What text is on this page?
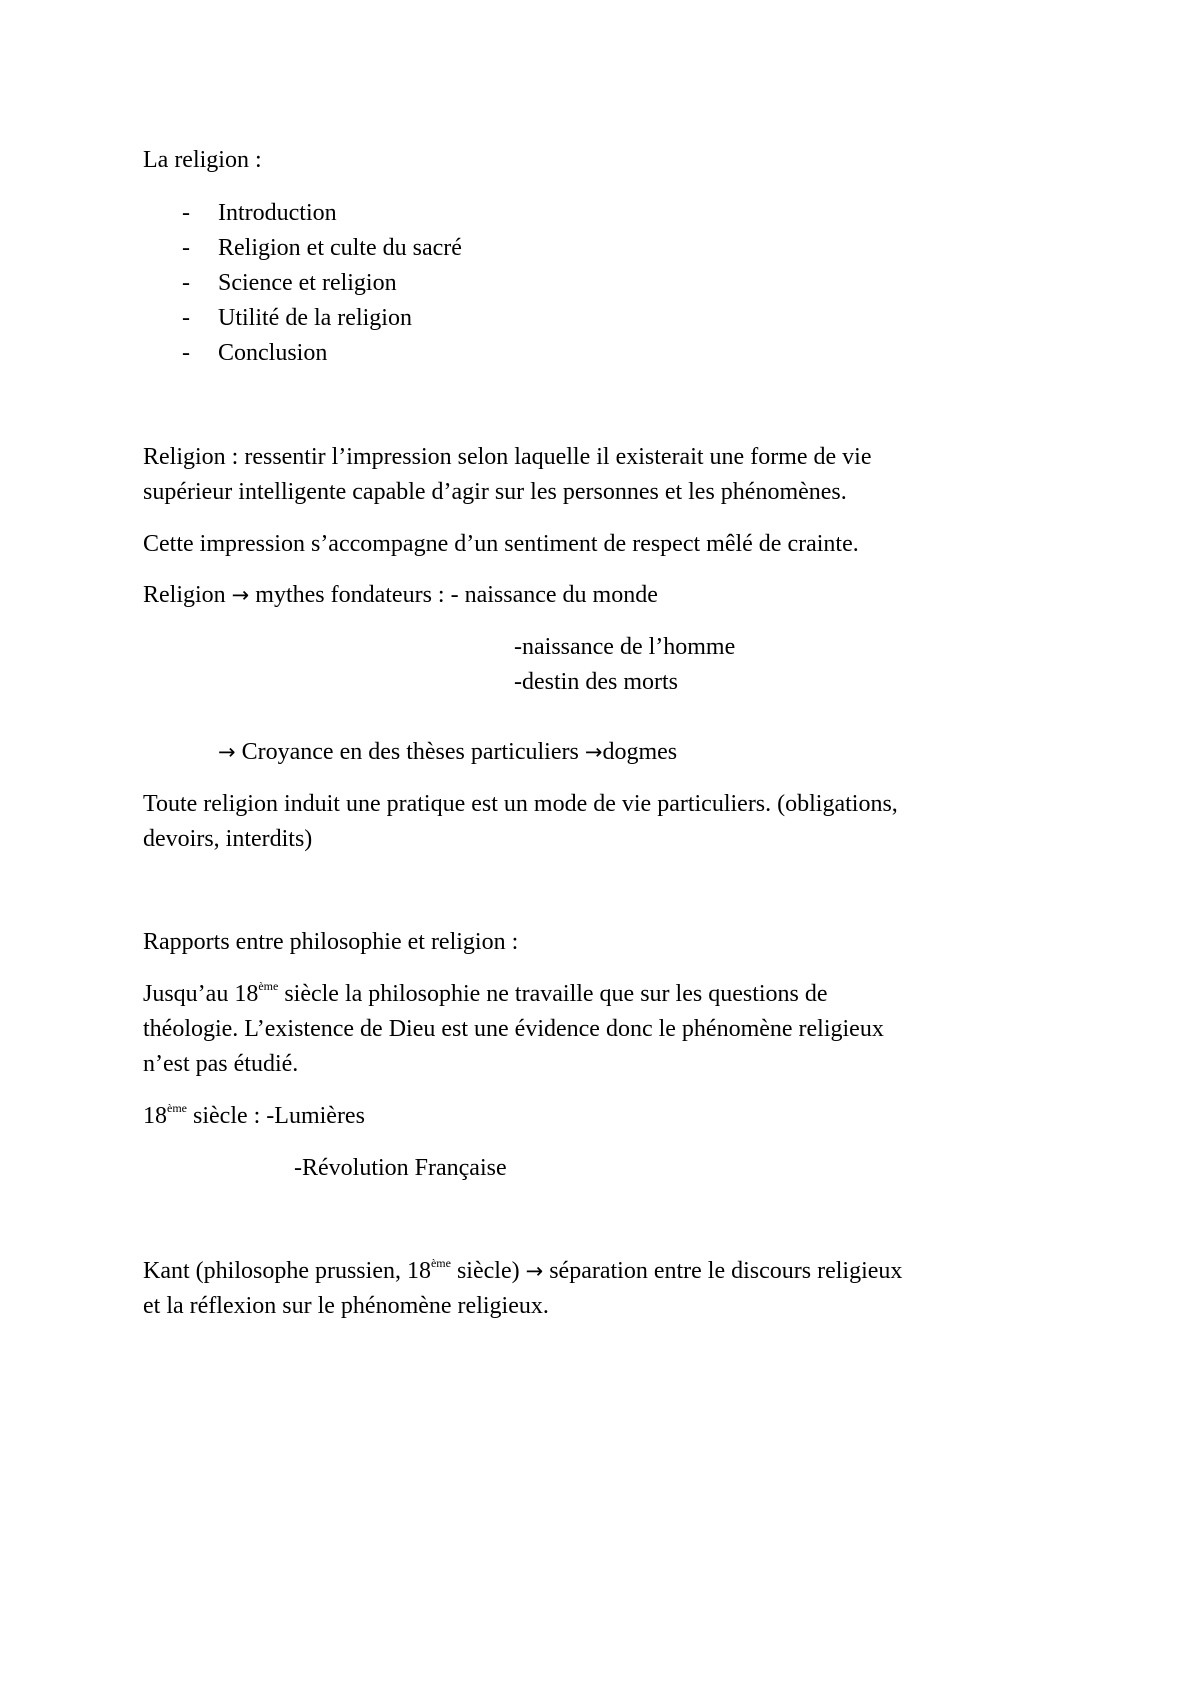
La religion :
- Introduction
- Religion et culte du sacré
- Science et religion
- Utilité de la religion
- Conclusion
Religion : ressentir l’impression selon laquelle il existerait une forme de vie
supérieur intelligente capable d’agir sur les personnes et les phénomènes.
Cette impression s’accompagne d’un sentiment de respect mêlé de crainte.
Religion → mythes fondateurs : - naissance du monde
-naissance de l’homme
-destin des morts
→ Croyance en des thèses particuliers →dogmes
Toute religion induit une pratique est un mode de vie particuliers. (obligations,
devoirs, interdits)
Rapports entre philosophie et religion :
Jusqu’au 18ème siècle la philosophie ne travaille que sur les questions de
théologie. L’existence de Dieu est une évidence donc le phénomène religieux
n’est pas étudié.
18ème siècle : -Lumières
-Révolution Française
Kant (philosophe prussien, 18ème siècle) → séparation entre le discours religieux
et la réflexion sur le phénomène religieux.
